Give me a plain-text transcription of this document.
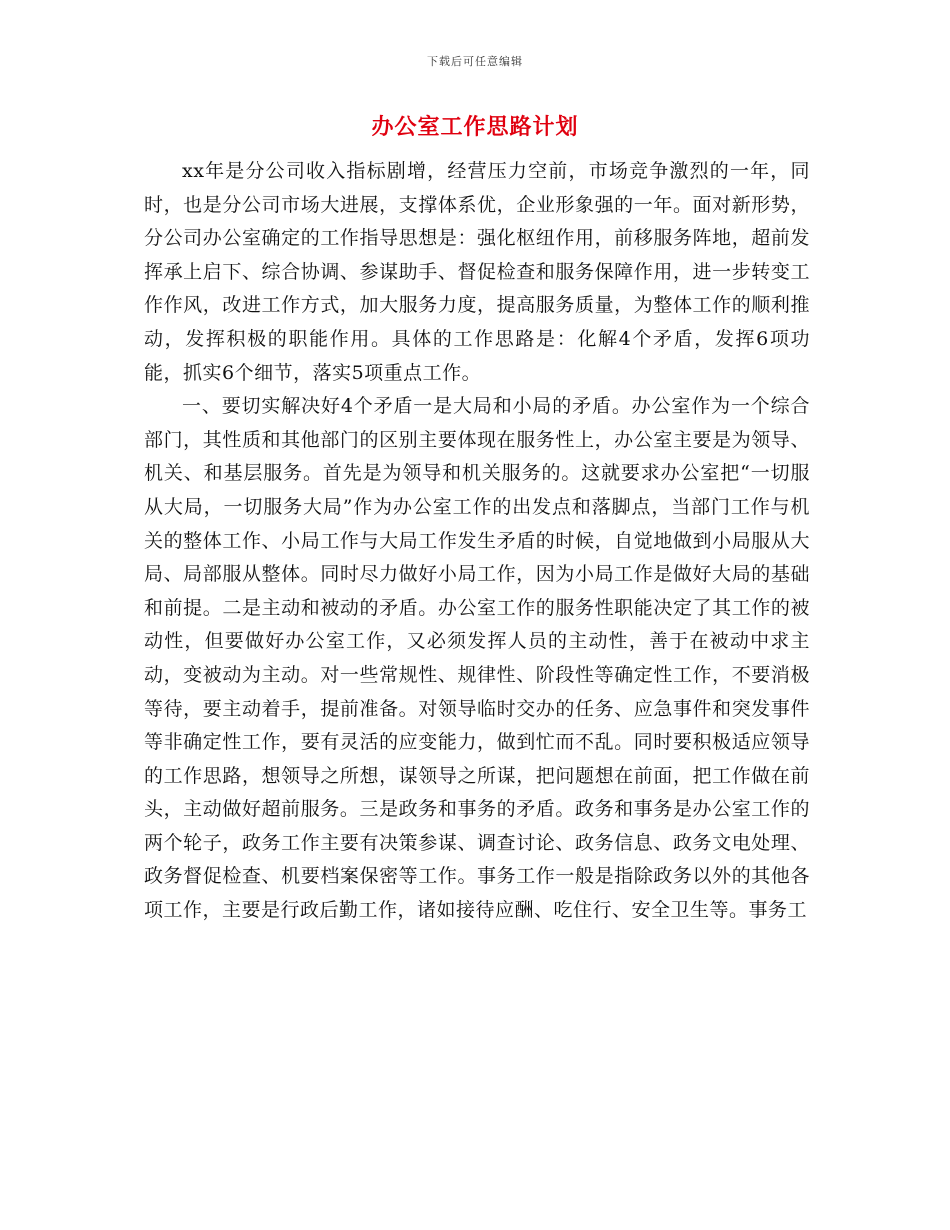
下载后可任意编辑
办公室工作思路计划

xx年是分公司收入指标剧增，经营压力空前，市场竞争激烈的一年，同时，也是分公司市场大进展，支撑体系优，企业形象强的一年。面对新形势，分公司办公室确定的工作指导思想是：强化枢纽作用，前移服务阵地，超前发挥承上启下、综合协调、参谋助手、督促检查和服务保障作用，进一步转变工作作风，改进工作方式，加大服务力度，提高服务质量，为整体工作的顺利推动，发挥积极的职能作用。具体的工作思路是：化解4个矛盾，发挥6项功能，抓实6个细节，落实5项重点工作。

一、要切实解决好4个矛盾一是大局和小局的矛盾。办公室作为一个综合部门，其性质和其他部门的区别主要体现在服务性上，办公室主要是为领导、机关、和基层服务。首先是为领导和机关服务的。这就要求办公室把“一切服从大局，一切服务大局”作为办公室工作的出发点和落脚点，当部门工作与机关的整体工作、小局工作与大局工作发生矛盾的时候，自觉地做到小局服从大局、局部服从整体。同时尽力做好小局工作，因为小局工作是做好大局的基础和前提。二是主动和被动的矛盾。办公室工作的服务性职能决定了其工作的被动性，但要做好办公室工作，又必须发挥人员的主动性，善于在被动中求主动，变被动为主动。对一些常规性、规律性、阶段性等确定性工作，不要消极等待，要主动着手，提前准备。对领导临时交办的任务、应急事件和突发事件等非确定性工作，要有灵活的应变能力，做到忙而不乱。同时要积极适应领导的工作思路，想领导之所想，谋领导之所谋，把问题想在前面，把工作做在前头，主动做好超前服务。三是政务和事务的矛盾。政务和事务是办公室工作的两个轮子，政务工作主要有决策参谋、调查讨论、政务信息、政务文电处理、政务督促检查、机要档案保密等工作。事务工作一般是指除政务以外的其他各项工作，主要是行政后勤工作，诸如接待应酬、吃住行、安全卫生等。事务工
